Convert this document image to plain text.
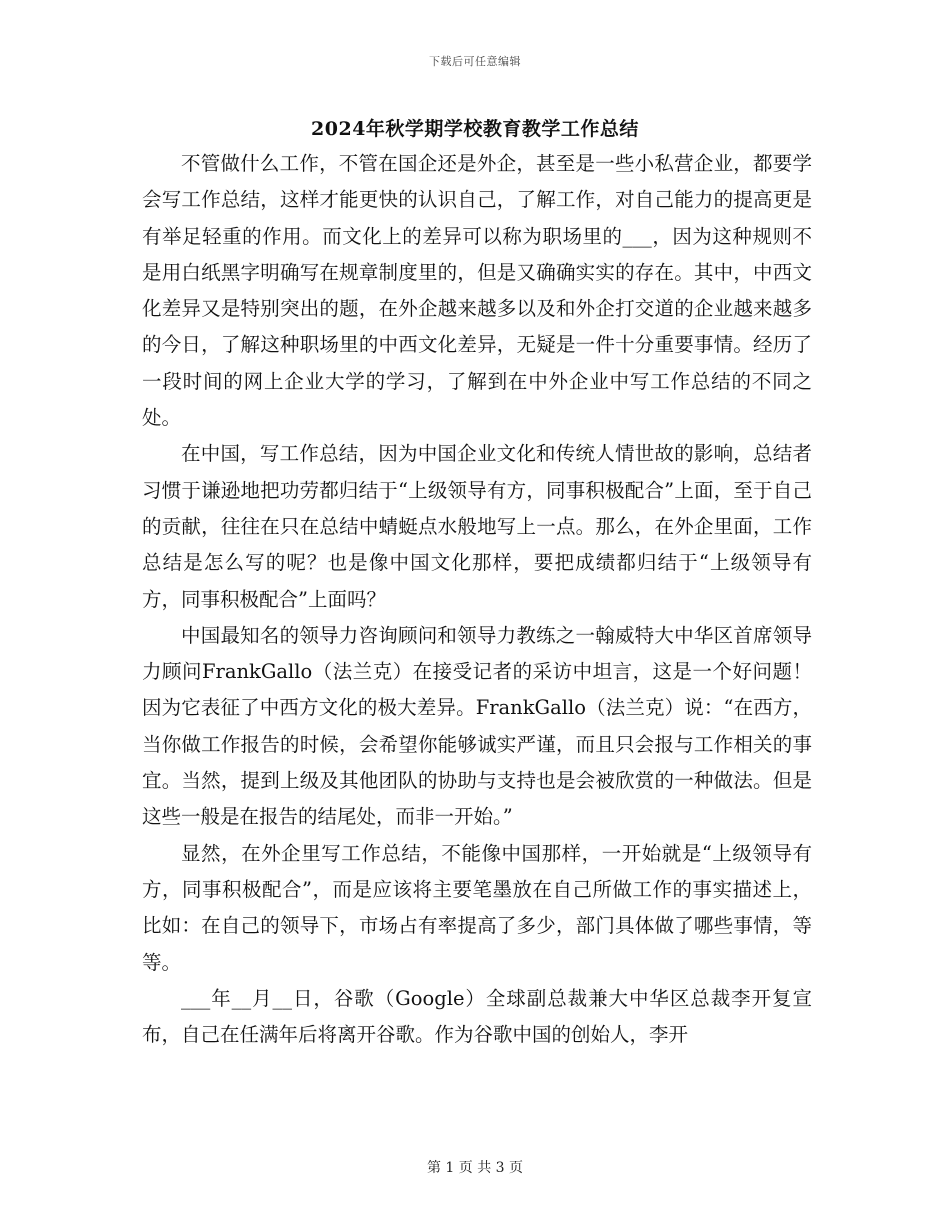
下载后可任意编辑
2024年秋学期学校教育教学工作总结

不管做什么工作，不管在国企还是外企，甚至是一些小私营企业，都要学会写工作总结，这样才能更快的认识自己，了解工作，对自己能力的提高更是有举足轻重的作用。而文化上的差异可以称为职场里的___，因为这种规则不是用白纸黑字明确写在规章制度里的，但是又确确实实的存在。其中，中西文化差异又是特别突出的题，在外企越来越多以及和外企打交道的企业越来越多的今日，了解这种职场里的中西文化差异，无疑是一件十分重要事情。经历了一段时间的网上企业大学的学习，了解到在中外企业中写工作总结的不同之处。

在中国，写工作总结，因为中国企业文化和传统人情世故的影响，总结者习惯于谦逊地把功劳都归结于“上级领导有方，同事积极配合”上面，至于自己的贡献，往往在只在总结中蜻蜓点水般地写上一点。那么，在外企里面，工作总结是怎么写的呢？也是像中国文化那样，要把成绩都归结于“上级领导有方，同事积极配合”上面吗？

中国最知名的领导力咨询顾问和领导力教练之一翰威特大中华区首席领导力顾问FrankGallo（法兰克）在接受记者的采访中坦言，这是一个好问题！因为它表征了中西方文化的极大差异。FrankGallo（法兰克）说：“在西方，当你做工作报告的时候，会希望你能够诚实严谨，而且只会报与工作相关的事宜。当然，提到上级及其他团队的协助与支持也是会被欣赏的一种做法。但是这些一般是在报告的结尾处，而非一开始。”

显然，在外企里写工作总结，不能像中国那样，一开始就是“上级领导有方，同事积极配合”，而是应该将主要笔墨放在自己所做工作的事实描述上，比如：在自己的领导下，市场占有率提高了多少，部门具体做了哪些事情，等等。

___年__月__日，谷歌（Google）全球副总裁兼大中华区总裁李开复宣布，自己在任满年后将离开谷歌。作为谷歌中国的创始人，李开

第 1 页 共 3 页
